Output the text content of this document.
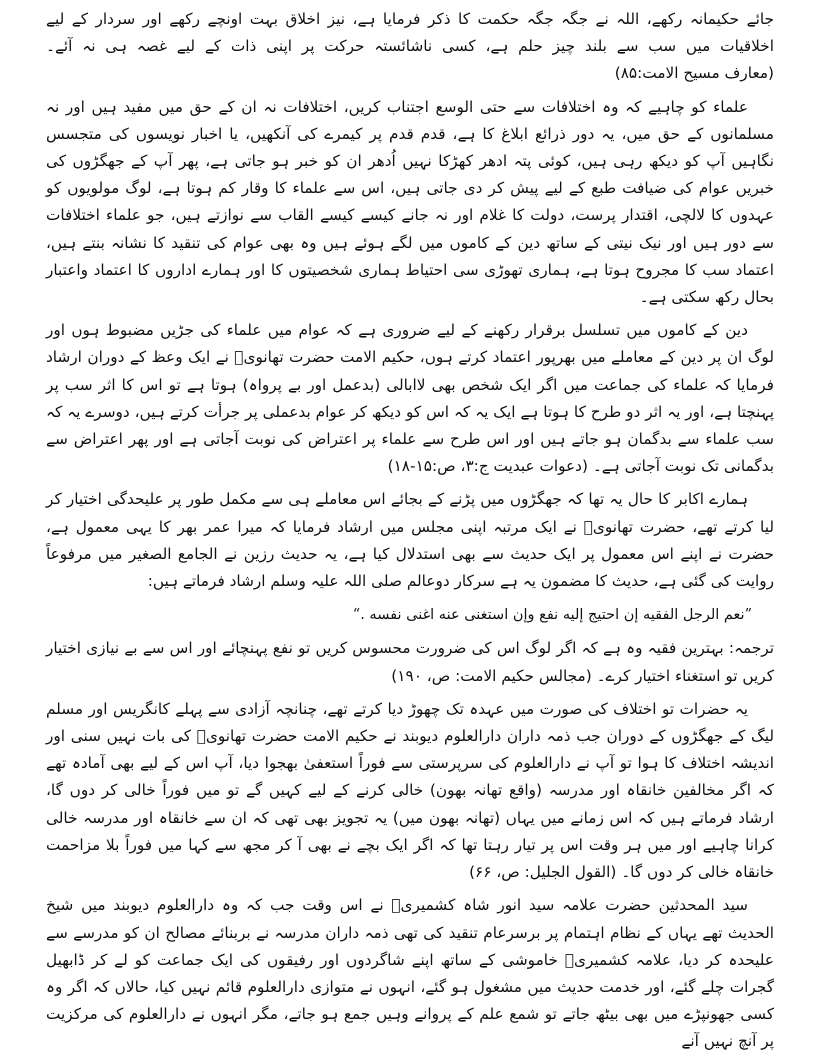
جائے حکیمانہ رکھے، اللہ نے جگہ جگہ حکمت کا ذکر فرمایا ہے، نیز اخلاق بہت اونچے رکھے اور سردار کے لیے اخلاقیات میں سب سے بلند چیز حلم ہے، کسی ناشائستہ حرکت پر اپنی ذات کے لیے غصہ ہی نہ آئے۔ (معارف مسیح الامت:۸۵)

علماء کو چاہیے کہ وہ اختلافات سے حتی الوسع اجتناب کریں، اختلافات نہ ان کے حق میں مفید ہیں اور نہ مسلمانوں کے حق میں، یہ دور ذرائع ابلاغ کا ہے، قدم قدم پر کیمرے کی آنکھیں، یا اخبار نویسوں کی متجسس نگاہیں آپ کو دیکھ رہی ہیں، کوئی پتہ ادھر کھڑکا نہیں اُدھر ان کو خبر ہو جاتی ہے، پھر آپ کے جھگڑوں کی خبریں عوام کی ضیافت طبع کے لیے پیش کر دی جاتی ہیں، اس سے علماء کا وقار کم ہوتا ہے، لوگ مولویوں کو عہدوں کا لالچی، اقتدار پرست، دولت کا غلام اور نہ جانے کیسے کیسے القاب سے نوازتے ہیں، جو علماء اختلافات سے دور ہیں اور نیک نیتی کے ساتھ دین کے کاموں میں لگے ہوئے ہیں وہ بھی عوام کی تنقید کا نشانہ بنتے ہیں، اعتماد سب کا مجروح ہوتا ہے، ہماری تھوڑی سی احتیاط ہماری شخصیتوں کا اور ہمارے اداروں کا اعتماد واعتبار بحال رکھ سکتی ہے۔

دین کے کاموں میں تسلسل برقرار رکھنے کے لیے ضروری ہے کہ عوام میں علماء کی جڑیں مضبوط ہوں اور لوگ ان پر دین کے معاملے میں بھرپور اعتماد کرتے ہوں، حکیم الامت حضرت تھانویؒ نے ایک وعظ کے دوران ارشاد فرمایا کہ علماء کی جماعت میں اگر ایک شخص بھی لاابالی (بدعمل اور بے پرواہ) ہوتا ہے تو اس کا اثر سب پر پہنچتا ہے، اور یہ اثر دو طرح کا ہوتا ہے ایک یہ کہ اس کو دیکھ کر عوام بدعملی پر جرأت کرتے ہیں، دوسرے یہ کہ سب علماء سے بدگمان ہو جاتے ہیں اور اس طرح سے علماء پر اعتراض کی نوبت آجاتی ہے اور پھر اعتراض سے بدگمانی تک نوبت آجاتی ہے۔ (دعوات عبدیت ج:۳، ص:۱۵-۱۸)

ہمارے اکابر کا حال یہ تھا کہ جھگڑوں میں پڑنے کے بجائے اس معاملے ہی سے مکمل طور پر علیحدگی اختیار کر لیا کرتے تھے، حضرت تھانویؒ نے ایک مرتبہ اپنی مجلس میں ارشاد فرمایا کہ میرا عمر بھر کا یہی معمول ہے، حضرت نے اپنے اس معمول پر ایک حدیث سے بھی استدلال کیا ہے، یہ حدیث رزین نے الجامع الصغیر میں مرفوعاً روایت کی گئی ہے، حدیث کا مضمون یہ ہے سرکار دوعالم صلی اللہ علیہ وسلم ارشاد فرماتے ہیں:

”نعم الرجل الفقیه إن احتیج إلیه نفع وإن استغنی عنه اغنی نفسه .“

ترجمہ: بہترین فقیہ وہ ہے کہ اگر لوگ اس کی ضرورت محسوس کریں تو نفع پہنچائے اور اس سے بے نیازی اختیار کریں تو استغناء اختیار کرے۔ (مجالس حکیم الامت: ص، ۱۹۰)

یہ حضرات تو اختلاف کی صورت میں عہدہ تک چھوڑ دیا کرتے تھے، چنانچہ آزادی سے پہلے کانگریس اور مسلم لیگ کے جھگڑوں کے دوران جب ذمہ داران دارالعلوم دیوبند نے حکیم الامت حضرت تھانویؒ کی بات نہیں سنی اور اندیشہ اختلاف کا ہوا تو آپ نے دارالعلوم کی سرپرستی سے فوراً استعفیٰ بھجوا دیا، آپ اس کے لیے بھی آمادہ تھے کہ اگر مخالفین خانقاہ اور مدرسہ (واقع تھانہ بھون) خالی کرنے کے لیے کہیں گے تو میں فوراً خالی کر دوں گا، ارشاد فرماتے ہیں کہ اس زمانے میں یہاں (تھانہ بھون میں) یہ تجویز بھی تھی کہ ان سے خانقاہ اور مدرسہ خالی کرانا چاہیے اور میں ہر وقت اس پر تیار رہتا تھا کہ اگر ایک بچے نے بھی آ کر مجھ سے کہا میں فوراً بلا مزاحمت خانقاہ خالی کر دوں گا۔ (القول الجلیل: ص، ۶۶)

سید المحدثین حضرت علامہ سید انور شاہ کشمیریؒ نے اس وقت جب کہ وہ دارالعلوم دیوبند میں شیخ الحدیث تھے یہاں کے نظام اہتمام پر برسرعام تنقید کی تھی ذمہ داران مدرسہ نے بربنائے مصالح ان کو مدرسے سے علیحدہ کر دیا، علامہ کشمیریؒ خاموشی کے ساتھ اپنے شاگردوں اور رفیقوں کی ایک جماعت کو لے کر ڈابھیل گجرات چلے گئے، اور خدمت حدیث میں مشغول ہو گئے، انہوں نے متوازی دارالعلوم قائم نہیں کیا، حالاں کہ اگر وہ کسی جھونپڑے میں بھی بیٹھ جاتے تو شمع علم کے پروانے وہیں جمع ہو جاتے، مگر انہوں نے دارالعلوم کی مرکزیت پر آنچ نہیں آنے
